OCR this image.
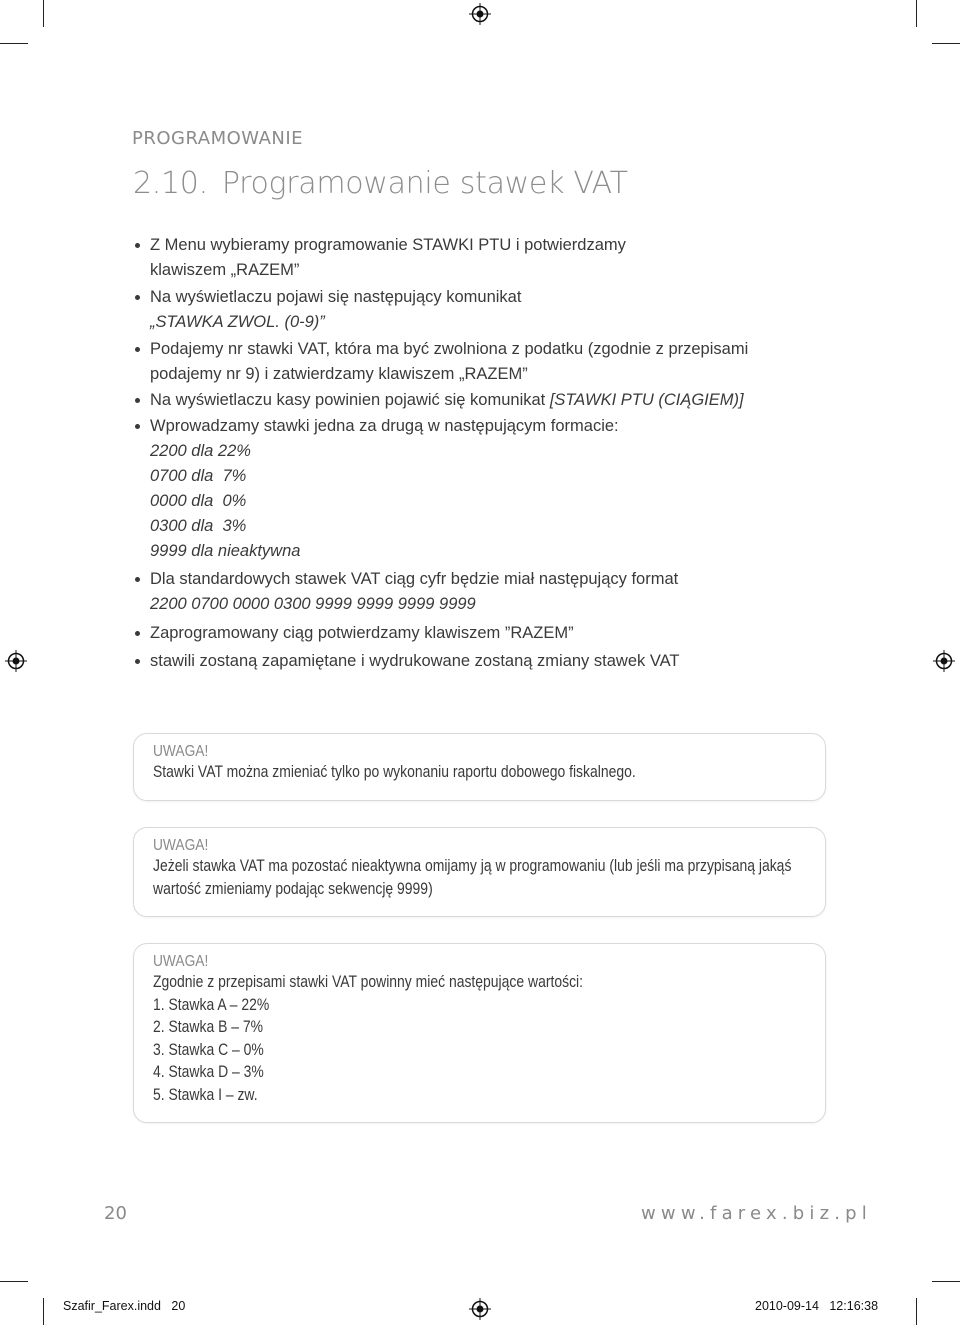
PROGRAMOWANIE
2.10. Programowanie stawek VAT
Z Menu wybieramy programowanie STAWKI PTU i potwierdzamy
klawiszem „RAZEM”
Na wyświetlaczu pojawi się następujący komunikat
„STAWKA ZWOL. (0-9)”
Podajemy nr stawki VAT, która ma być zwolniona z podatku (zgodnie z przepisami
podajemy nr 9) i zatwierdzamy klawiszem „RAZEM”
Na wyświetlaczu kasy powinien pojawić się komunikat [STAWKI PTU (CIĄGIEM)]
Wprowadzamy stawki jedna za drugą w następującym formacie:
2200 dla 22%
0700 dla  7%
0000 dla  0%
0300 dla  3%
9999 dla nieaktywna
Dla standardowych stawek VAT ciąg cyfr będzie miał następujący format
2200 0700 0000 0300 9999 9999 9999 9999
Zaprogramowany ciąg potwierdzamy klawiszem ”RAZEM”
stawili zostaną zapamiętane i wydrukowane zostaną zmiany stawek VAT
UWAGA!
Stawki VAT można zmieniać tylko po wykonaniu raportu dobowego fiskalnego.
UWAGA!
Jeżeli stawka VAT ma pozostać nieaktywna omijamy ją w programowaniu (lub jeśli ma przypisaną jakąś
wartość zmieniamy podając sekwencję 9999)
UWAGA!
Zgodnie z przepisami stawki VAT powinny mieć następujące wartości:
1. Stawka A – 22%
2. Stawka B – 7%
3. Stawka C – 0%
4. Stawka D – 3%
5. Stawka I – zw.
20	www.farex.biz.pl
Szafir_Farex.indd   20	2010-09-14   12:16:38
